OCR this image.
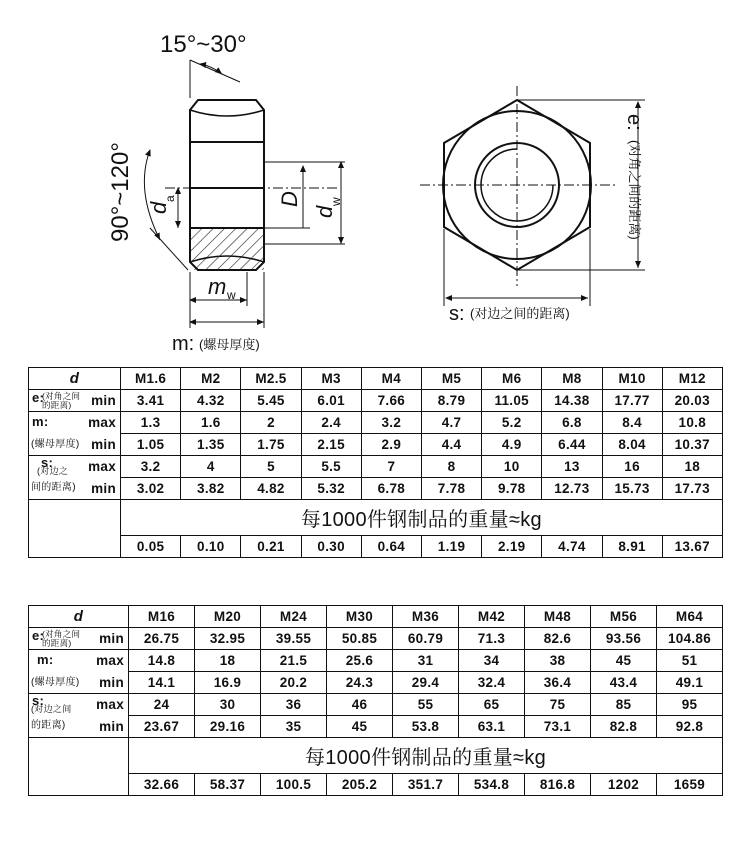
15°~30°
90°~120° d
a	D
d
w
m w
m: (螺母厚度)
e:
(对角之间的距离)
s: (对边之间的距离)
d	M1.6	M2	M2.5	M3	M4	M5	M6	M8	M10	M12

e:
(对角之间的距离) min	3.41	4.32	5.45	6.01	7.66	8.79	11.05	14.38	17.77	20.03

m: max	1.3	1.6	2	2.4	3.2	4.7	5.2	6.8	8.4	10.8

(螺母厚度) min	1.05	1.35	1.75	2.15	2.9	4.4	4.9	6.44	8.04	10.37

s:
(对边之 max	3.2	4	5	5.5	7	8	10	13	16	18

间的距离) min	3.02	3.82	4.82	5.32	6.78	7.78	9.78	12.73	15.73	17.73
	每1000件钢制品的重量≈kg									
	0.05	0.10	0.21	0.30	0.64	1.19	2.19	4.74	8.91	13.67
d	M16	M20	M24	M30	M36	M42	M48	M56	M64

e:
(对角之间的距离) min	26.75	32.95	39.55	50.85	60.79	71.3	82.6	93.56	104.86

m: max	14.8	18	21.5	25.6	31	34	38	45	51

(螺母厚度) min	14.1	16.9	20.2	24.3	29.4	32.4	36.4	43.4	49.1

s:
(对边之间 max	24	30	36	46	55	65	75	85	95

的距离) min	23.67	29.16	35	45	53.8	63.1	73.1	82.8	92.8
	每1000件钢制品的重量≈kg								
	32.66	58.37	100.5	205.2	351.7	534.8	816.8	1202	1659
